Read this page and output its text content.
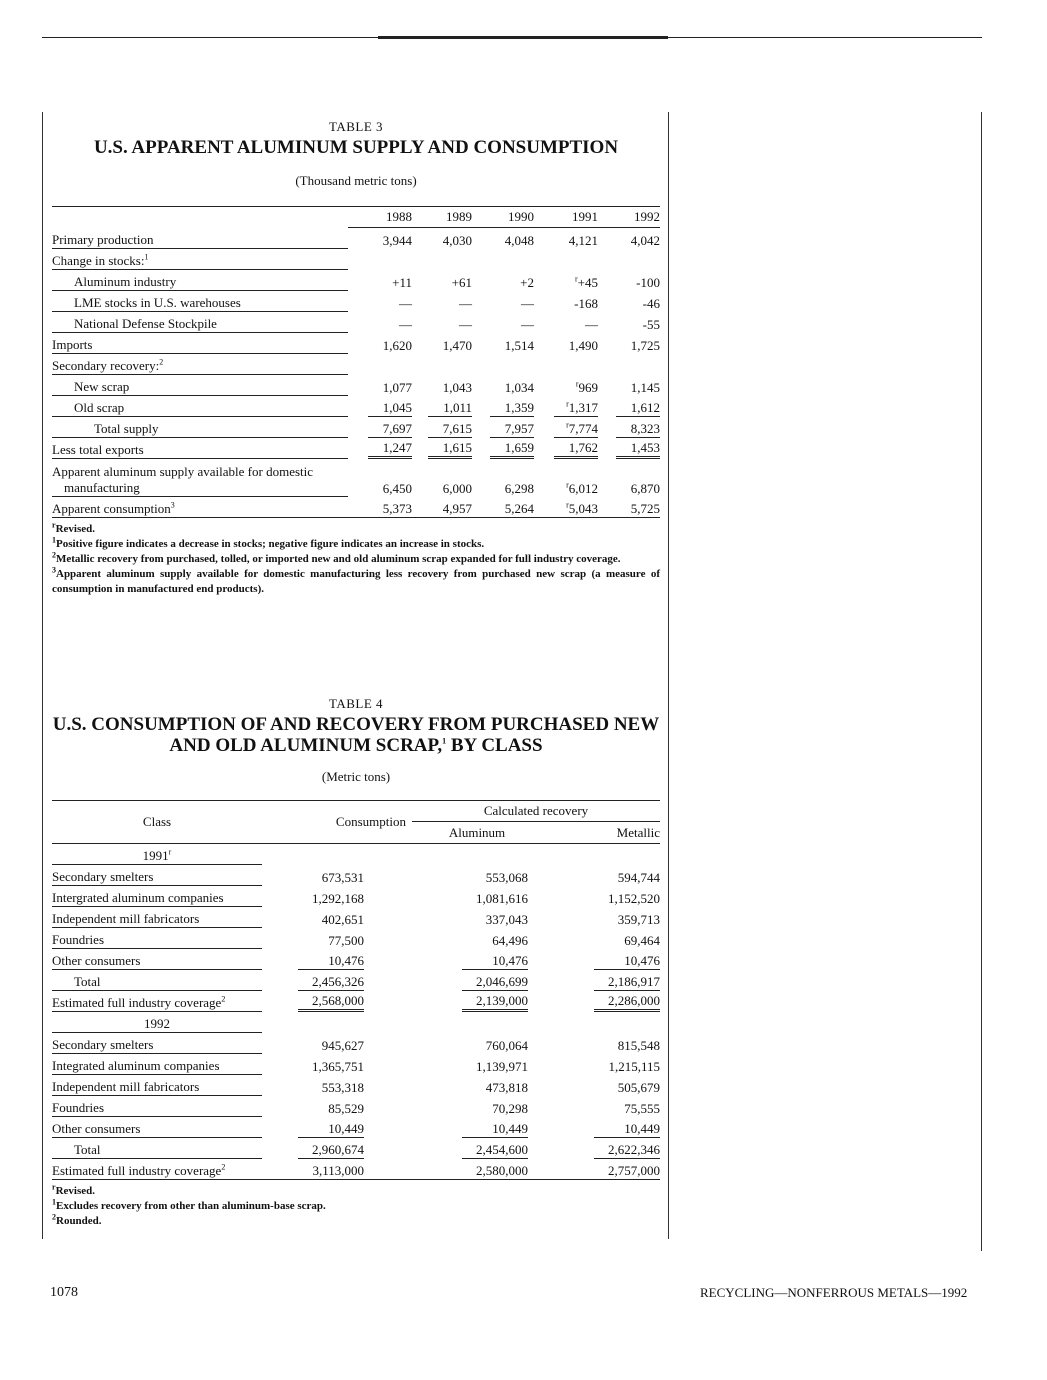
TABLE 3
U.S. APPARENT ALUMINUM SUPPLY AND CONSUMPTION
(Thousand metric tons)
	1988	1989	1990	1991	1992
Primary production	3,944	4,030	4,048	4,121	4,042
Change in stocks:$^1$					
Aluminum industry	+11	+61	+2	$^r$+45	-100
LME stocks in U.S. warehouses	—	—	—	-168	-46
National Defense Stockpile	—	—	—	—	-55
Imports	1,620	1,470	1,514	1,490	1,725
Secondary recovery:$^2$					
New scrap	1,077	1,043	1,034	$^r$969	1,145
Old scrap	1,045	1,011	1,359	$^r$1,317	1,612
Total supply	7,697	7,615	7,957	$^r$7,774	8,323
Less total exports	1,247	1,615	1,659	1,762	1,453

Apparent aluminum supply available for domestic
manufacturing	6,450	6,000	6,298	$^r$6,012	6,870
Apparent consumption$^3$	5,373	4,957	5,264	$^r$5,043	5,725
$^r$Revised.
$^1$Positive figure indicates a decrease in stocks; negative figure indicates an increase in stocks.
$^2$Metallic recovery from purchased, tolled, or imported new and old aluminum scrap expanded for full industry coverage.
$^3$Apparent aluminum supply available for domestic manufacturing less recovery from purchased new scrap (a measure of consumption in manufactured end products).
TABLE 4
U.S. CONSUMPTION OF AND RECOVERY FROM PURCHASED NEW
AND OLD ALUMINUM SCRAP,$^1$ BY CLASS
(Metric tons)
Class	Consumption	Calculated recovery	
		Aluminum	Metallic
1991$^r$			
Secondary smelters	673,531	553,068	594,744
Intergrated aluminum companies	1,292,168	1,081,616	1,152,520
Independent mill fabricators	402,651	337,043	359,713
Foundries	77,500	64,496	69,464
Other consumers	10,476	10,476	10,476
Total	2,456,326	2,046,699	2,186,917
Estimated full industry coverage$^2$	2,568,000	2,139,000	2,286,000
1992			
Secondary smelters	945,627	760,064	815,548
Integrated aluminum companies	1,365,751	1,139,971	1,215,115
Independent mill fabricators	553,318	473,818	505,679
Foundries	85,529	70,298	75,555
Other consumers	10,449	10,449	10,449
Total	2,960,674	2,454,600	2,622,346
Estimated full industry coverage$^2$	3,113,000	2,580,000	2,757,000
$^r$Revised.
$^1$Excludes recovery from other than aluminum-base scrap.
$^2$Rounded.
1078	RECYCLING—NONFERROUS METALS—1992
